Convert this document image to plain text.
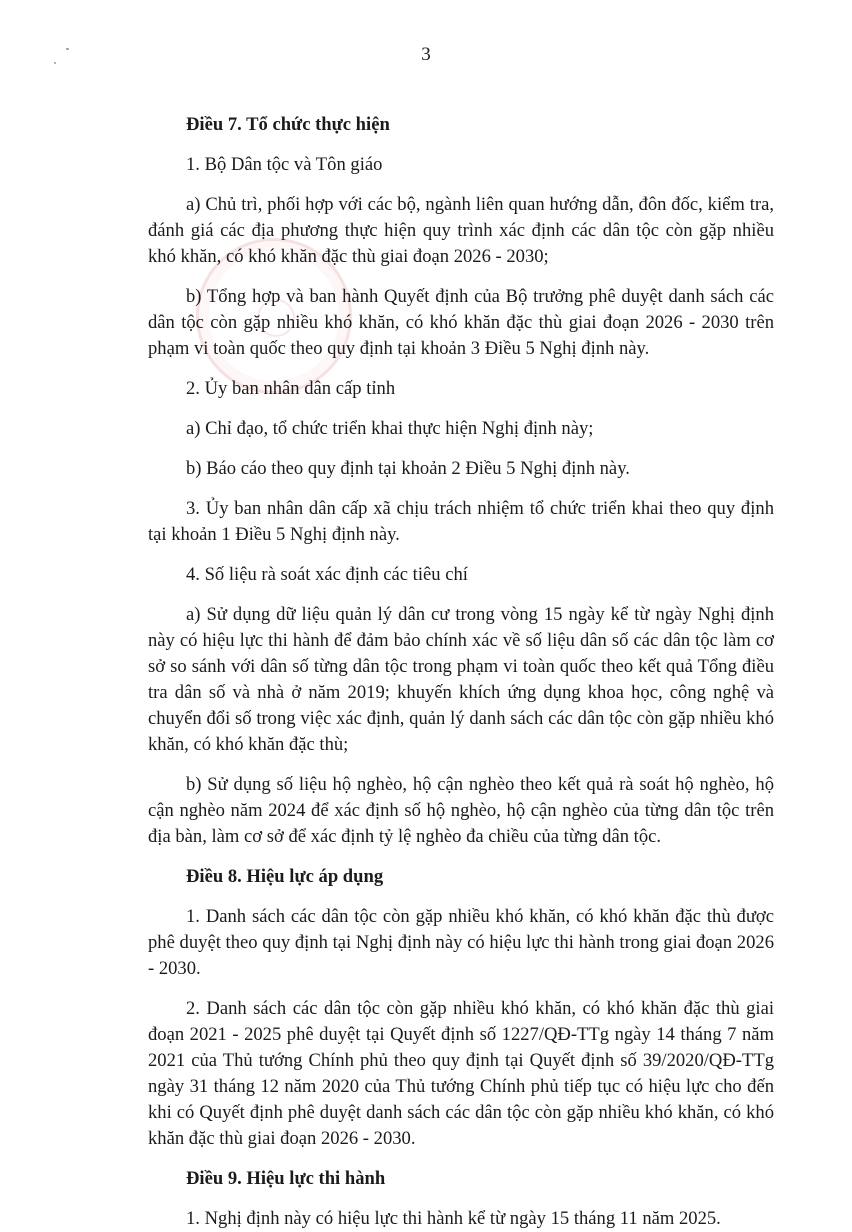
3

Điều 7. Tổ chức thực hiện

1. Bộ Dân tộc và Tôn giáo

a) Chủ trì, phối hợp với các bộ, ngành liên quan hướng dẫn, đôn đốc, kiểm tra, đánh giá các địa phương thực hiện quy trình xác định các dân tộc còn gặp nhiều khó khăn, có khó khăn đặc thù giai đoạn 2026 - 2030;

b) Tổng hợp và ban hành Quyết định của Bộ trưởng phê duyệt danh sách các dân tộc còn gặp nhiều khó khăn, có khó khăn đặc thù giai đoạn 2026 - 2030 trên phạm vi toàn quốc theo quy định tại khoản 3 Điều 5 Nghị định này.

2. Ủy ban nhân dân cấp tỉnh

a) Chỉ đạo, tổ chức triển khai thực hiện Nghị định này;

b) Báo cáo theo quy định tại khoản 2 Điều 5 Nghị định này.

3. Ủy ban nhân dân cấp xã chịu trách nhiệm tổ chức triển khai theo quy định tại khoản 1 Điều 5 Nghị định này.

4. Số liệu rà soát xác định các tiêu chí

a) Sử dụng dữ liệu quản lý dân cư trong vòng 15 ngày kể từ ngày Nghị định này có hiệu lực thi hành để đảm bảo chính xác về số liệu dân số các dân tộc làm cơ sở so sánh với dân số từng dân tộc trong phạm vi toàn quốc theo kết quả Tổng điều tra dân số và nhà ở năm 2019; khuyến khích ứng dụng khoa học, công nghệ và chuyển đổi số trong việc xác định, quản lý danh sách các dân tộc còn gặp nhiều khó khăn, có khó khăn đặc thù;

b) Sử dụng số liệu hộ nghèo, hộ cận nghèo theo kết quả rà soát hộ nghèo, hộ cận nghèo năm 2024 để xác định số hộ nghèo, hộ cận nghèo của từng dân tộc trên địa bàn, làm cơ sở để xác định tỷ lệ nghèo đa chiều của từng dân tộc.

Điều 8. Hiệu lực áp dụng

1. Danh sách các dân tộc còn gặp nhiều khó khăn, có khó khăn đặc thù được phê duyệt theo quy định tại Nghị định này có hiệu lực thi hành trong giai đoạn 2026 - 2030.

2. Danh sách các dân tộc còn gặp nhiều khó khăn, có khó khăn đặc thù giai đoạn 2021 - 2025 phê duyệt tại Quyết định số 1227/QĐ-TTg ngày 14 tháng 7 năm 2021 của Thủ tướng Chính phủ theo quy định tại Quyết định số 39/2020/QĐ-TTg ngày 31 tháng 12 năm 2020 của Thủ tướng Chính phủ tiếp tục có hiệu lực cho đến khi có Quyết định phê duyệt danh sách các dân tộc còn gặp nhiều khó khăn, có khó khăn đặc thù giai đoạn 2026 - 2030.

Điều 9. Hiệu lực thi hành

1. Nghị định này có hiệu lực thi hành kể từ ngày 15 tháng 11 năm 2025.
